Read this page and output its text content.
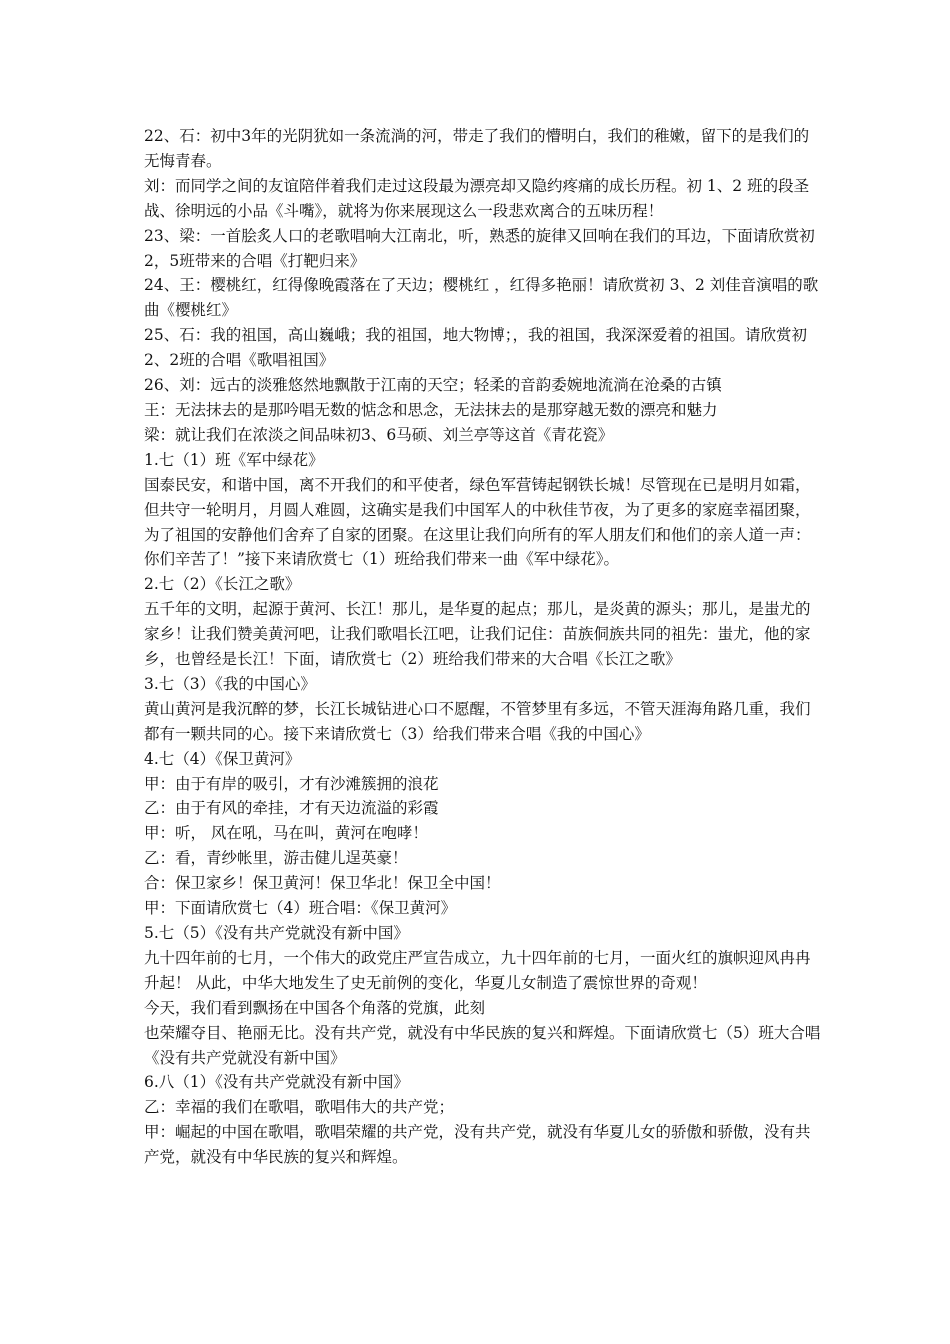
22、石：初中3年的光阴犹如一条流淌的河，带走了我们的懵明白，我们的稚嫩，留下的是我们的无悔青春。

刘：而同学之间的友谊陪伴着我们走过这段最为漂亮却又隐约疼痛的成长历程。初 1、2 班的段圣战、徐明远的小品《斗嘴》，就将为你来展现这么一段悲欢离合的五味历程！

23、梁：一首脍炙人口的老歌唱响大江南北，听，熟悉的旋律又回响在我们的耳边，下面请欣赏初2，5班带来的合唱《打靶归来》

24、王：樱桃红，红得像晚霞落在了天边；樱桃红 ，红得多艳丽！请欣赏初 3、2 刘佳音演唱的歌曲《樱桃红》

25、石：我的祖国，高山巍峨；我的祖国，地大物博；，我的祖国，我深深爱着的祖国。请欣赏初2、2班的合唱《歌唱祖国》

26、刘：远古的淡雅悠然地飘散于江南的天空；轻柔的音韵委婉地流淌在沧桑的古镇

王：无法抹去的是那吟唱无数的惦念和思念，无法抹去的是那穿越无数的漂亮和魅力

梁：就让我们在浓淡之间品味初3、6马硕、刘兰亭等这首《青花瓷》

1.七（1）班《军中绿花》

国泰民安，和谐中国，离不开我们的和平使者，绿色军营铸起钢铁长城！尽管现在已是明月如霜，但共守一轮明月，月圆人难圆，这确实是我们中国军人的中秋佳节夜，为了更多的家庭幸福团聚，为了祖国的安静他们舍弃了自家的团聚。在这里让我们向所有的军人朋友们和他们的亲人道一声：你们辛苦了！”接下来请欣赏七（1）班给我们带来一曲《军中绿花》。

2.七（2）《长江之歌》

五千年的文明，起源于黄河、长江！那儿，是华夏的起点；那儿，是炎黄的源头；那儿，是蚩尤的家乡！让我们赞美黄河吧，让我们歌唱长江吧，让我们记住：苗族侗族共同的祖先：蚩尤，他的家乡，也曾经是长江！下面，请欣赏七（2）班给我们带来的大合唱《长江之歌》

3.七（3）《我的中国心》

黄山黄河是我沉醉的梦，长江长城钻进心口不愿醒，不管梦里有多远，不管天涯海角路几重，我们都有一颗共同的心。接下来请欣赏七（3）给我们带来合唱《我的中国心》

4.七（4）《保卫黄河》

甲：由于有岸的吸引，才有沙滩簇拥的浪花

乙：由于有风的牵挂，才有天边流溢的彩霞

甲：听， 风在吼，马在叫，黄河在咆哮！

乙：看，青纱帐里，游击健儿逞英豪！

合：保卫家乡！保卫黄河！保卫华北！保卫全中国！

甲：下面请欣赏七（4）班合唱：《保卫黄河》

5.七（5）《没有共产党就没有新中国》

九十四年前的七月，一个伟大的政党庄严宣告成立，九十四年前的七月，一面火红的旗帜迎风冉冉升起！ 从此，中华大地发生了史无前例的变化，华夏儿女制造了震惊世界的奇观！

今天，我们看到飘扬在中国各个角落的党旗，此刻

也荣耀夺目、艳丽无比。没有共产党，就没有中华民族的复兴和辉煌。下面请欣赏七（5）班大合唱《没有共产党就没有新中国》

6.八（1）《没有共产党就没有新中国》

乙：幸福的我们在歌唱，歌唱伟大的共产党；

甲：崛起的中国在歌唱，歌唱荣耀的共产党，没有共产党，就没有华夏儿女的骄傲和骄傲，没有共产党，就没有中华民族的复兴和辉煌。
